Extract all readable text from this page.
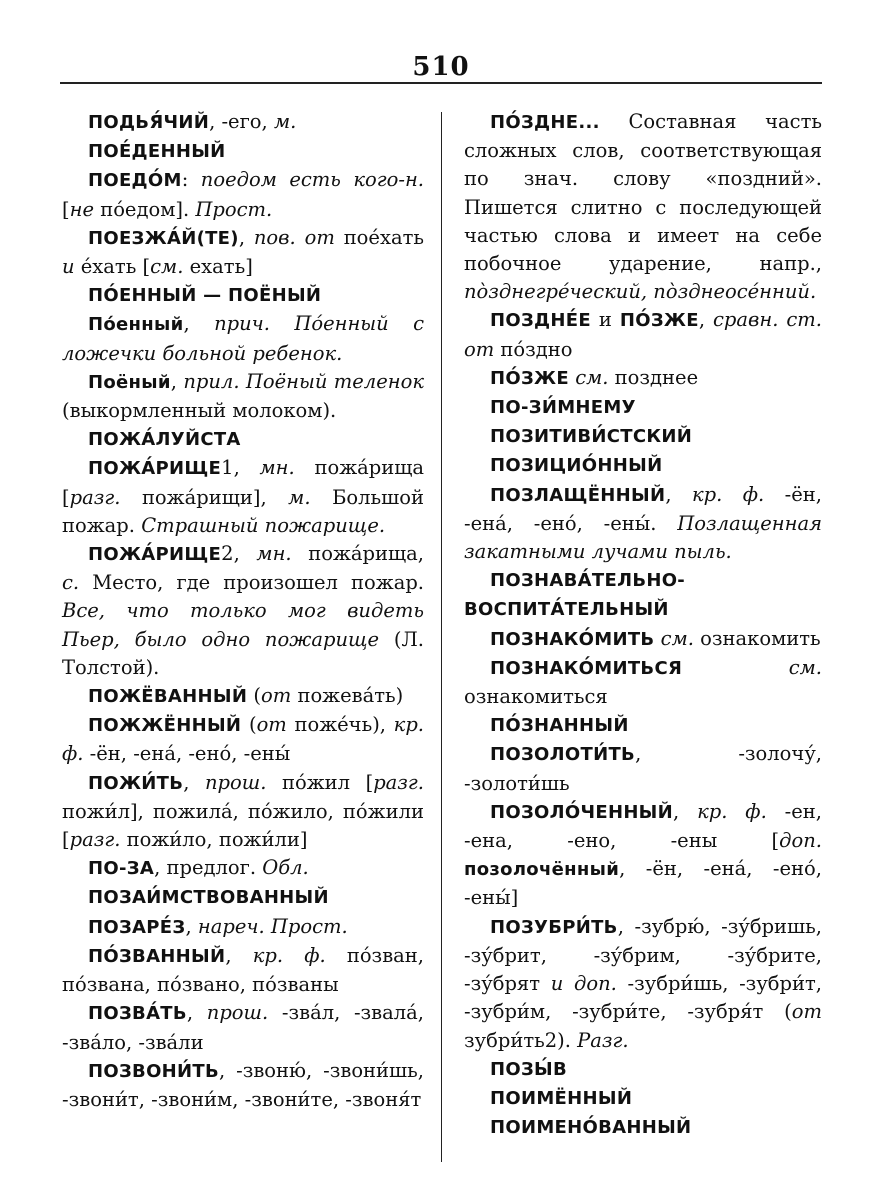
510

ПОДЬЯ́ЧИЙ, -его, м.

ПОЕ́ДЕННЫЙ

ПОЕДО́М: поедом есть кого-н. [не по́едом]. Прост.

ПОЕЗЖА́Й(ТЕ), пов. от пое́хать и е́хать [см. ехать]

ПО́ЕННЫЙ — ПОЁНЫЙ

По́енный, прич. По́енный с ложечки больной ребенок.

Поёный, прил. Поёный теленок (выкормленный молоком).

ПОЖА́ЛУЙСТА

ПОЖА́РИЩЕ1, мн. пожа́рища [разг. пожа́рищи], м. Большой пожар. Страшный пожарище.

ПОЖА́РИЩЕ2, мн. пожа́рища, с. Место, где произошел пожар. Все, что только мог видеть Пьер, было одно пожарище (Л. Толстой).

ПОЖЁВАННЫЙ (от пожева́ть)

ПОЖЖЁННЫЙ (от поже́чь), кр. ф. -ён, -ена́, -ено́, -ены́

ПОЖИ́ТЬ, прош. по́жил [разг. пожи́л], пожила́, по́жило, по́жили [разг. пожи́ло, пожи́ли]

ПО-ЗА, предлог. Обл.

ПОЗАИ́МСТВОВАННЫЙ

ПОЗАРЕ́З, нареч. Прост.

ПО́ЗВАННЫЙ, кр. ф. по́зван, по́звана, по́звано, по́званы

ПОЗВА́ТЬ, прош. -зва́л, -звала́, -зва́ло, -зва́ли

ПОЗВОНИ́ТЬ, -звоню́, -звони́шь, -звони́т, -звони́м, -звони́те, -звоня́т

ПО́ЗДНЕ... Составная часть сложных слов, соответствующая по знач. слову «поздний». Пишется слитно с последующей частью слова и имеет на себе побочное ударение, напр., по̀зднегре́ческий, по̀зднеосе́нний.

ПОЗДНЕ́Е и ПО́ЗЖЕ, сравн. ст. от по́здно

ПО́ЗЖЕ см. позднее

ПО-ЗИ́МНЕМУ

ПОЗИТИВИ́СТСКИЙ

ПОЗИЦИО́ННЫЙ

ПОЗЛАЩЁННЫЙ, кр. ф. -ён, -ена́, -ено́, -ены́. Позлащенная закатными лучами пыль.

ПОЗНАВА́ТЕЛЬНО-ВОСПИТА́ТЕЛЬНЫЙ

ПОЗНАКО́МИТЬ см. ознакомить

ПОЗНАКО́МИТЬСЯ	см. ознакомиться

ПО́ЗНАННЫЙ

ПОЗОЛОТИ́ТЬ, -золочу́, -золоти́шь

ПОЗОЛО́ЧЕННЫЙ, кр. ф. -ен, -ена, -ено, -ены [доп. позолочённый, -ён, -ена́, -ено́, -ены́]

ПОЗУБРИ́ТЬ, -зубрю́, -зу́бришь, -зу́брит, -зу́брим, -зу́брите, -зу́брят и доп. -зубри́шь, -зубри́т, -зубри́м, -зубри́те, -зубря́т (от зубри́ть2). Разг.

ПОЗЫ́В

ПОИМЁННЫЙ

ПОИМЕНО́ВАННЫЙ
